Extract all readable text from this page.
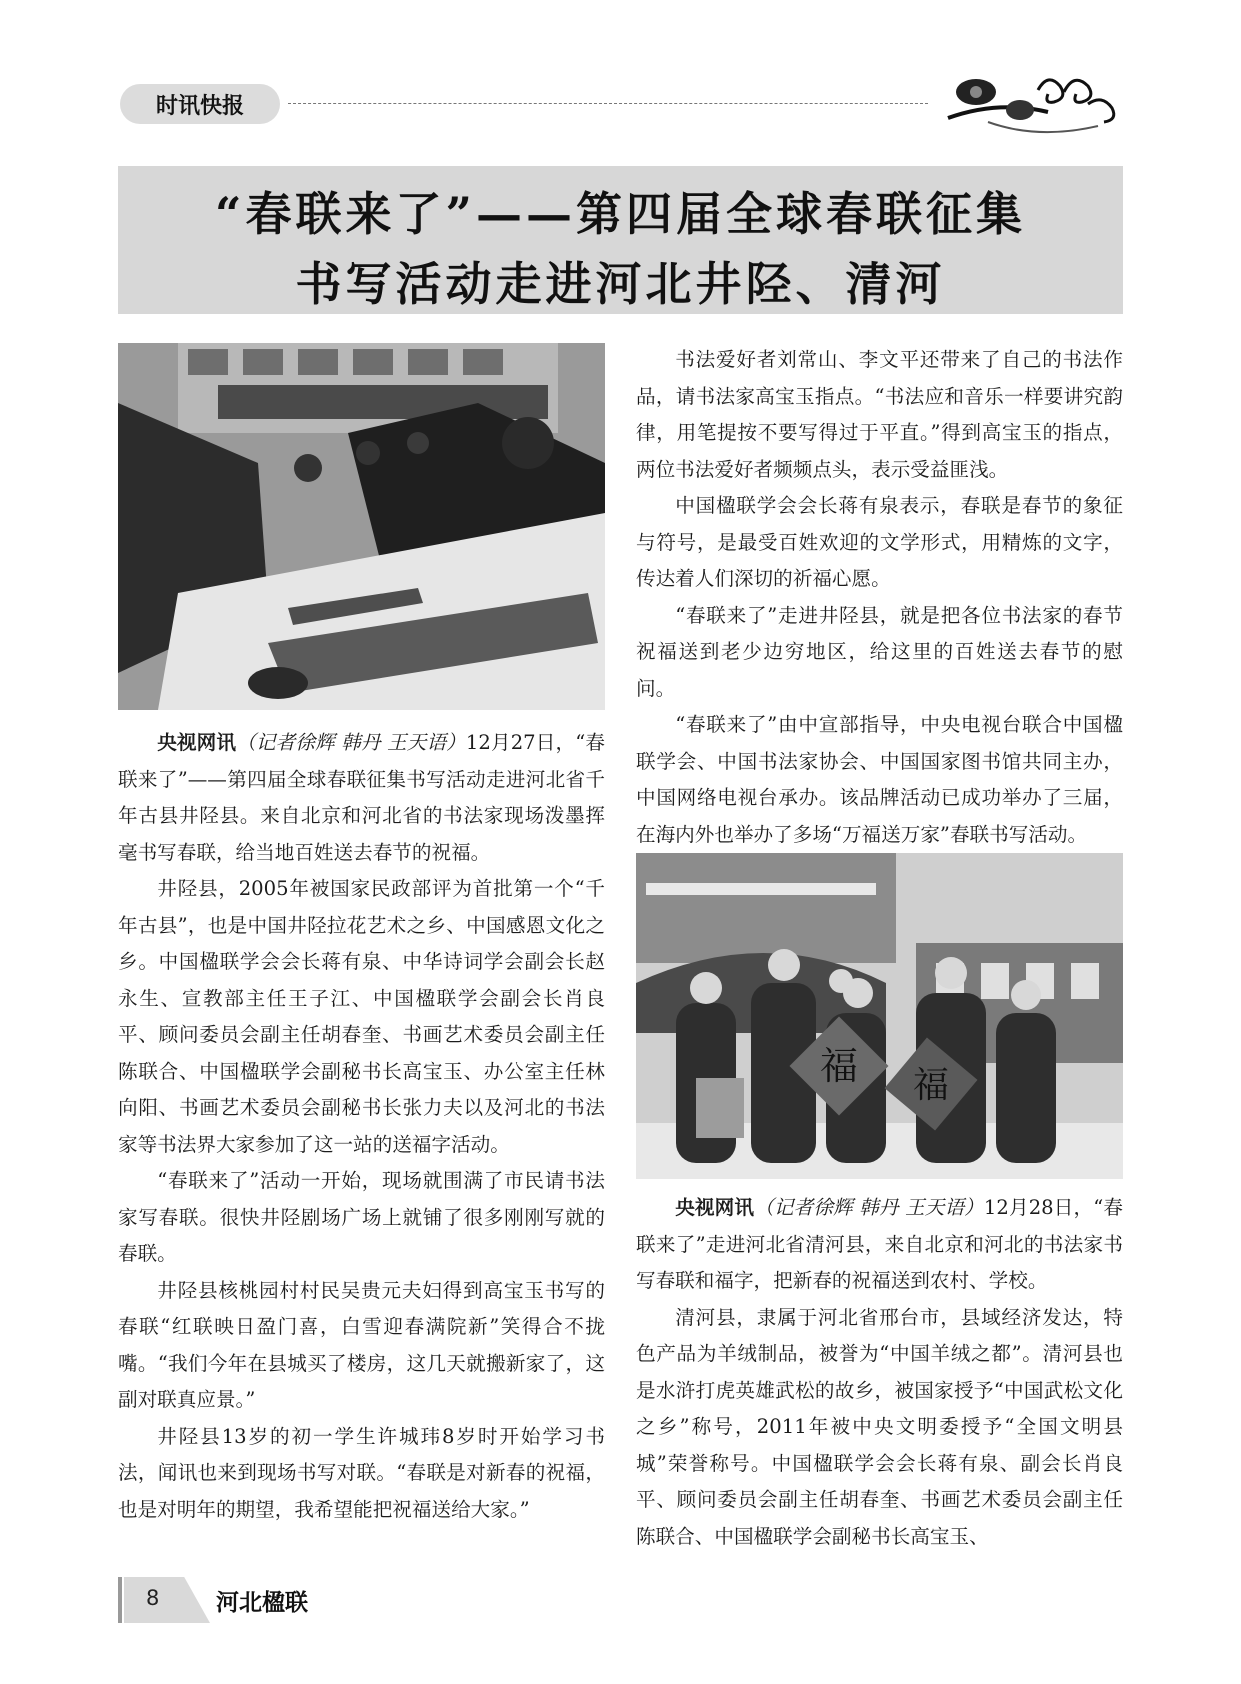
时讯快报
“春联来了”——第四届全球春联征集
书写活动走进河北井陉、清河
福 福

央视网讯（记者徐辉 韩丹 王天语）12月27日，“春联来了”——第四届全球春联征集书写活动走进河北省千年古县井陉县。来自北京和河北省的书法家现场泼墨挥毫书写春联，给当地百姓送去春节的祝福。

井陉县，2005年被国家民政部评为首批第一个“千年古县”，也是中国井陉拉花艺术之乡、中国感恩文化之乡。中国楹联学会会长蒋有泉、中华诗词学会副会长赵永生、宣教部主任王子江、中国楹联学会副会长肖良平、顾问委员会副主任胡春奎、书画艺术委员会副主任陈联合、中国楹联学会副秘书长高宝玉、办公室主任林向阳、书画艺术委员会副秘书长张力夫以及河北的书法家等书法界大家参加了这一站的送福字活动。

“春联来了”活动一开始，现场就围满了市民请书法家写春联。很快井陉剧场广场上就铺了很多刚刚写就的春联。

井陉县核桃园村村民吴贵元夫妇得到高宝玉书写的春联“红联映日盈门喜，白雪迎春满院新”笑得合不拢嘴。“我们今年在县城买了楼房，这几天就搬新家了，这副对联真应景。”

井陉县13岁的初一学生许城玮8岁时开始学习书法，闻讯也来到现场书写对联。“春联是对新春的祝福，也是对明年的期望，我希望能把祝福送给大家。”

书法爱好者刘常山、李文平还带来了自己的书法作品，请书法家高宝玉指点。“书法应和音乐一样要讲究韵律，用笔提按不要写得过于平直。”得到高宝玉的指点，两位书法爱好者频频点头，表示受益匪浅。

中国楹联学会会长蒋有泉表示，春联是春节的象征与符号，是最受百姓欢迎的文学形式，用精炼的文字，传达着人们深切的祈福心愿。

“春联来了”走进井陉县，就是把各位书法家的春节祝福送到老少边穷地区，给这里的百姓送去春节的慰问。

“春联来了”由中宣部指导，中央电视台联合中国楹联学会、中国书法家协会、中国国家图书馆共同主办，中国网络电视台承办。该品牌活动已成功举办了三届，在海内外也举办了多场“万福送万家”春联书写活动。

央视网讯（记者徐辉 韩丹 王天语）12月28日，“春联来了”走进河北省清河县，来自北京和河北的书法家书写春联和福字，把新春的祝福送到农村、学校。

清河县，隶属于河北省邢台市，县域经济发达，特色产品为羊绒制品，被誉为“中国羊绒之都”。清河县也是水浒打虎英雄武松的故乡，被国家授予“中国武松文化之乡”称号，2011年被中央文明委授予“全国文明县城”荣誉称号。中国楹联学会会长蒋有泉、副会长肖良平、顾问委员会副主任胡春奎、书画艺术委员会副主任陈联合、中国楹联学会副秘书长高宝玉、

8 河北楹联
